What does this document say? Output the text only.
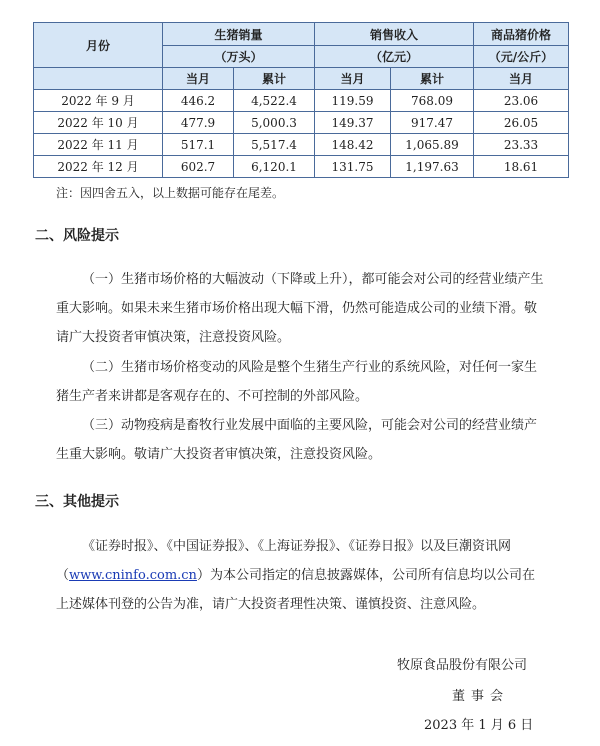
月份	生猪销量		销售收入		商品猪价格
	（万头）		（亿元）		（元/公斤）
	当月	累计	当月	累计	当月
2022 年 9 月	446.2	4,522.4	119.59	768.09	23.06
2022 年 10 月	477.9	5,000.3	149.37	917.47	26.05
2022 年 11 月	517.1	5,517.4	148.42	1,065.89	23.33
2022 年 12 月	602.7	6,120.1	131.75	1,197.63	18.61
注：因四舍五入，以上数据可能存在尾差。
二、风险提示
（一）生猪市场价格的大幅波动（下降或上升），都可能会对公司的经营业绩产生重大影响。如果未来生猪市场价格出现大幅下滑，仍然可能造成公司的业绩下滑。敬请广大投资者审慎决策，注意投资风险。
（二）生猪市场价格变动的风险是整个生猪生产行业的系统风险，对任何一家生猪生产者来讲都是客观存在的、不可控制的外部风险。
（三）动物疫病是畜牧行业发展中面临的主要风险，可能会对公司的经营业绩产生重大影响。敬请广大投资者审慎决策，注意投资风险。
三、其他提示
《证券时报》、《中国证券报》、《上海证券报》、《证券日报》以及巨潮资讯网（www.cninfo.com.cn）为本公司指定的信息披露媒体，公司所有信息均以公司在上述媒体刊登的公告为准，请广大投资者理性决策、谨慎投资、注意风险。
牧原食品股份有限公司
董事会
2023 年 1 月 6 日
